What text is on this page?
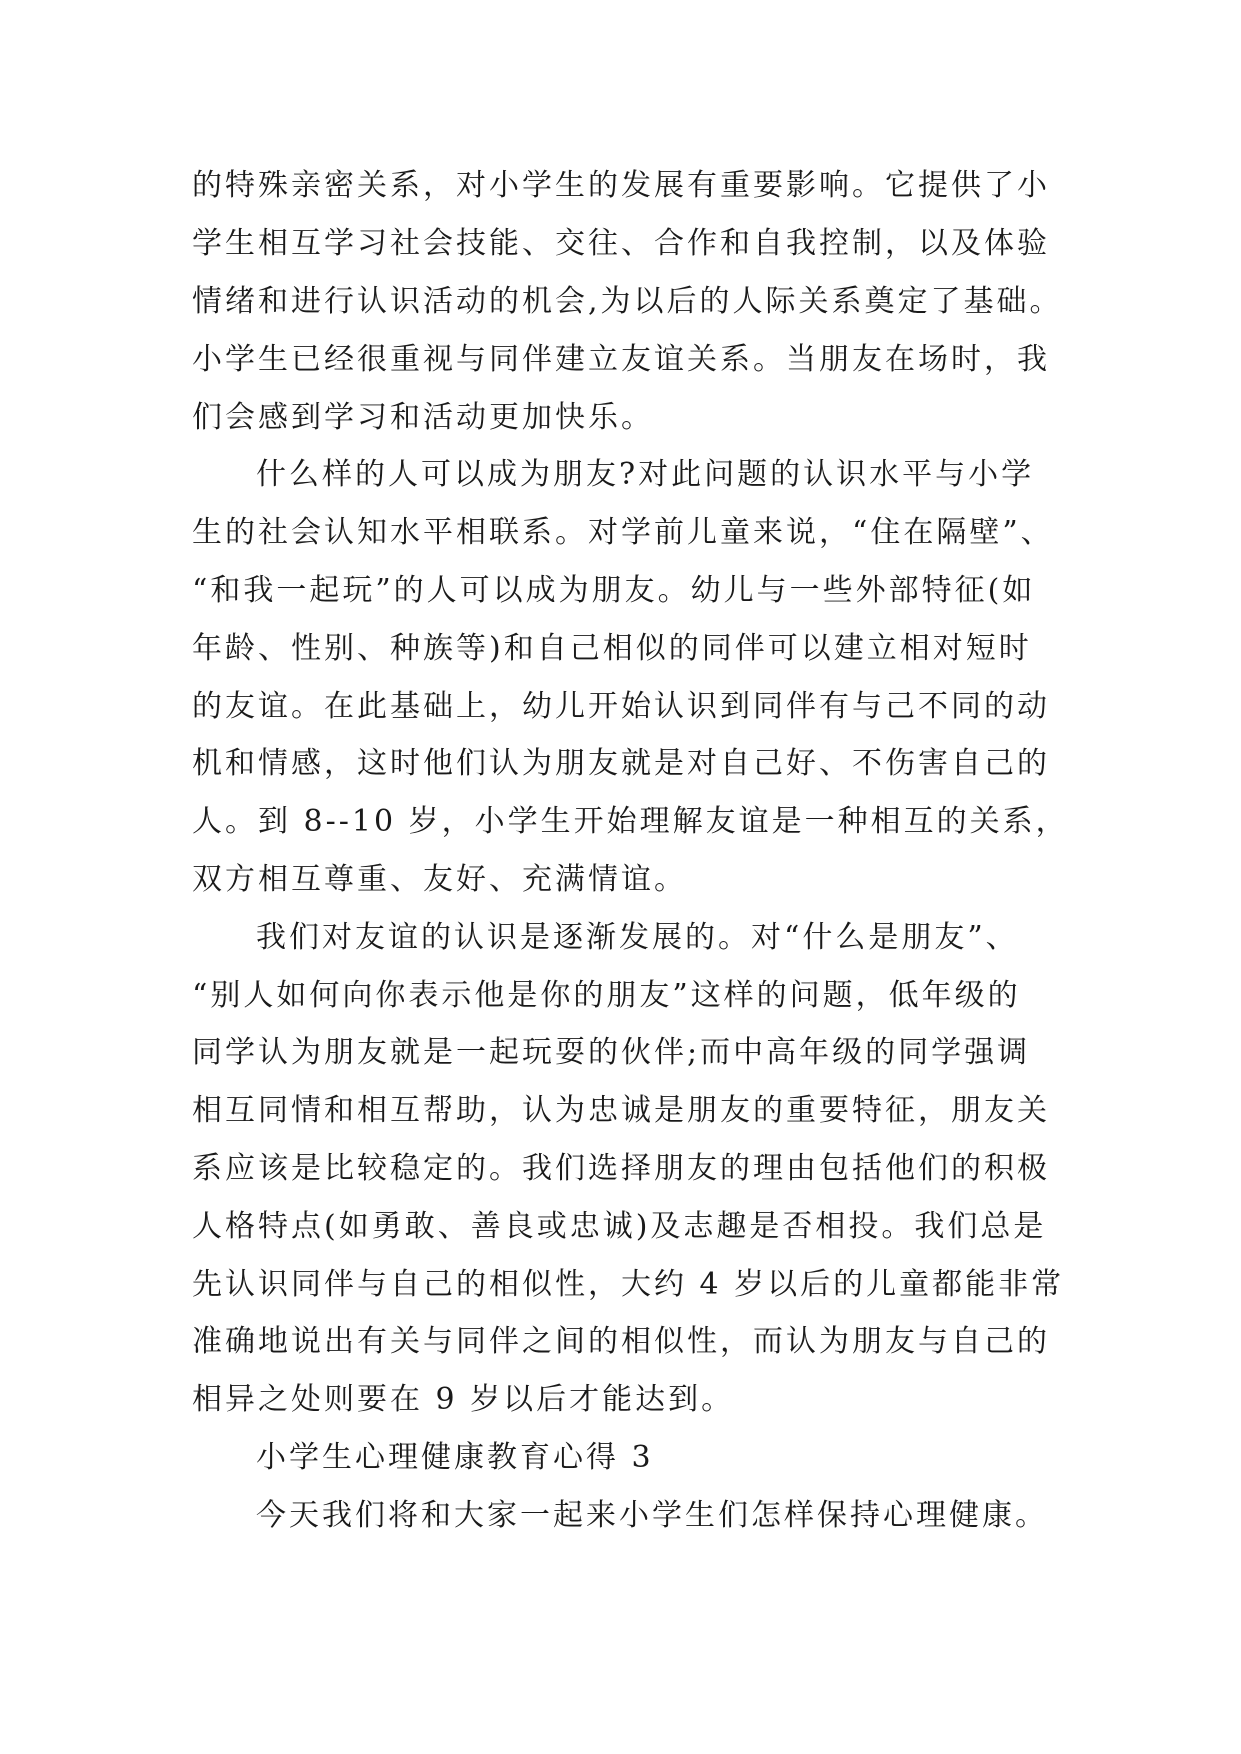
的特殊亲密关系，对小学生的发展有重要影响。它提供了小
学生相互学习社会技能、交往、合作和自我控制，以及体验
情绪和进行认识活动的机会,为以后的人际关系奠定了基础。
小学生已经很重视与同伴建立友谊关系。当朋友在场时，我
们会感到学习和活动更加快乐。
什么样的人可以成为朋友?对此问题的认识水平与小学
生的社会认知水平相联系。对学前儿童来说，“住在隔壁”、
“和我一起玩”的人可以成为朋友。幼儿与一些外部特征(如
年龄、性别、种族等)和自己相似的同伴可以建立相对短时
的友谊。在此基础上，幼儿开始认识到同伴有与己不同的动
机和情感，这时他们认为朋友就是对自己好、不伤害自己的
人。到 8--10 岁，小学生开始理解友谊是一种相互的关系，
双方相互尊重、友好、充满情谊。
我们对友谊的认识是逐渐发展的。对“什么是朋友”、
“别人如何向你表示他是你的朋友”这样的问题，低年级的
同学认为朋友就是一起玩耍的伙伴;而中高年级的同学强调
相互同情和相互帮助，认为忠诚是朋友的重要特征，朋友关
系应该是比较稳定的。我们选择朋友的理由包括他们的积极
人格特点(如勇敢、善良或忠诚)及志趣是否相投。我们总是
先认识同伴与自己的相似性，大约 4 岁以后的儿童都能非常
准确地说出有关与同伴之间的相似性，而认为朋友与自己的
相异之处则要在 9 岁以后才能达到。
小学生心理健康教育心得 3
今天我们将和大家一起来小学生们怎样保持心理健康。
